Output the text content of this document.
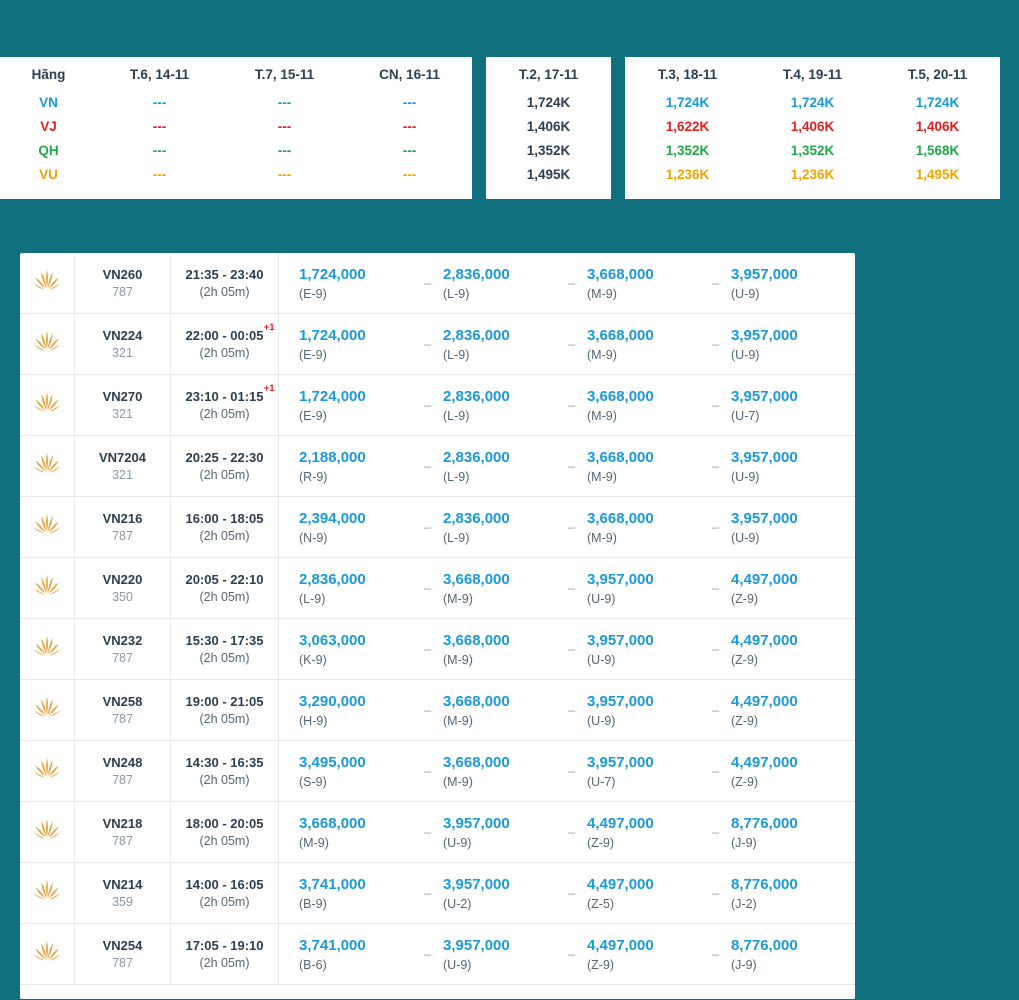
Hãng
VN
VJ
QH
VU
T.6, 14-11
---
---
---
---
T.7, 15-11
---
---
---
---
CN, 16-11
---
---
---
---
T.2, 17-11
1,724K
1,406K
1,352K
1,495K
T.3, 18-11
1,724K
1,622K
1,352K
1,236K
T.4, 19-11
1,724K
1,406K
1,352K
1,236K
T.5, 20-11
1,724K
1,406K
1,568K
1,495K
VN260
787
21:35 - 23:40
(2h 05m)
1,724,000
(E-9)
– 2,836,000
(L-9)
– 3,668,000
(M-9)
– 3,957,000
(U-9)
VN224
321
22:00 - 00:05
+1
(2h 05m)
1,724,000
(E-9)
– 2,836,000
(L-9)
– 3,668,000
(M-9)
– 3,957,000
(U-9)
VN270
321
23:10 - 01:15
+1
(2h 05m)
1,724,000
(E-9)
– 2,836,000
(L-9)
– 3,668,000
(M-9)
– 3,957,000
(U-7)
VN7204
321
20:25 - 22:30
(2h 05m)
2,188,000
(R-9)
– 2,836,000
(L-9)
– 3,668,000
(M-9)
– 3,957,000
(U-9)
VN216
787
16:00 - 18:05
(2h 05m)
2,394,000
(N-9)
– 2,836,000
(L-9)
– 3,668,000
(M-9)
– 3,957,000
(U-9)
VN220
350
20:05 - 22:10
(2h 05m)
2,836,000
(L-9)
– 3,668,000
(M-9)
– 3,957,000
(U-9)
– 4,497,000
(Z-9)
VN232
787
15:30 - 17:35
(2h 05m)
3,063,000
(K-9)
– 3,668,000
(M-9)
– 3,957,000
(U-9)
– 4,497,000
(Z-9)
VN258
787
19:00 - 21:05
(2h 05m)
3,290,000
(H-9)
– 3,668,000
(M-9)
– 3,957,000
(U-9)
– 4,497,000
(Z-9)
VN248
787
14:30 - 16:35
(2h 05m)
3,495,000
(S-9)
– 3,668,000
(M-9)
– 3,957,000
(U-7)
– 4,497,000
(Z-9)
VN218
787
18:00 - 20:05
(2h 05m)
3,668,000
(M-9)
– 3,957,000
(U-9)
– 4,497,000
(Z-9)
– 8,776,000
(J-9)
VN214
359
14:00 - 16:05
(2h 05m)
3,741,000
(B-9)
– 3,957,000
(U-2)
– 4,497,000
(Z-5)
– 8,776,000
(J-2)
VN254
787
17:05 - 19:10
(2h 05m)
3,741,000
(B-6)
– 3,957,000
(U-9)
– 4,497,000
(Z-9)
– 8,776,000
(J-9)
